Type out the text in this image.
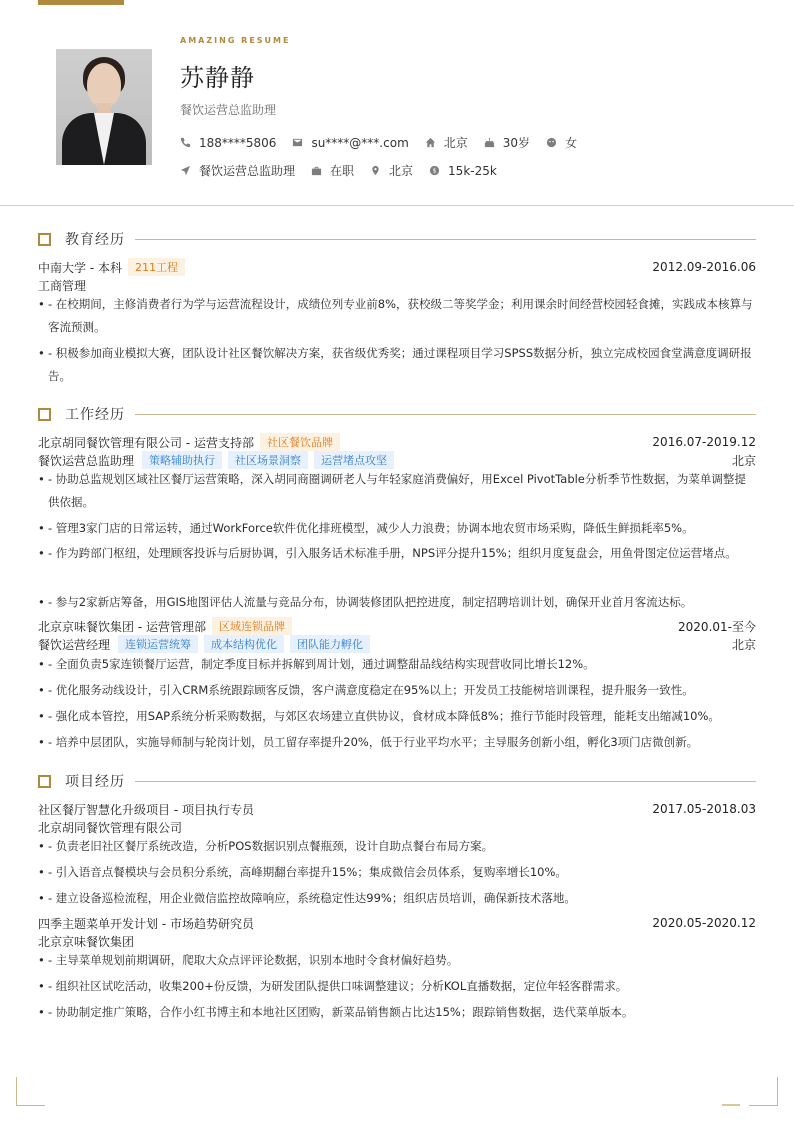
AMAZING RESUME
苏静静
餐饮运营总监助理
188****5806	su****@***.com	北京	30岁	女
餐饮运营总监助理	在职	北京	$ 15k-25k
教育经历
中南大学 - 本科	211工程	2012.09-2016.06
工商管理
• - 在校期间，主修消费者行为学与运营流程设计，成绩位列专业前8%，获校级二等奖学金；利用课余时间经营校园轻食摊，实践成本核算与客流预测。
• - 积极参加商业模拟大赛，团队设计社区餐饮解决方案，获省级优秀奖；通过课程项目学习SPSS数据分析，独立完成校园食堂满意度调研报告。
工作经历
北京胡同餐饮管理有限公司 - 运营支持部	社区餐饮品牌	2016.07-2019.12
餐饮运营总监助理	策略辅助执行	社区场景洞察	运营堵点攻坚	北京
• - 协助总监规划区域社区餐厅运营策略，深入胡同商圈调研老人与年轻家庭消费偏好，用Excel PivotTable分析季节性数据，为菜单调整提供依据。
• - 管理3家门店的日常运转，通过WorkForce软件优化排班模型，减少人力浪费；协调本地农贸市场采购，降低生鲜损耗率5%。
• - 作为跨部门枢纽，处理顾客投诉与后厨协调，引入服务话术标准手册，NPS评分提升15%；组织月度复盘会，用鱼骨图定位运营堵点。
• - 参与2家新店筹备，用GIS地图评估人流量与竞品分布，协调装修团队把控进度，制定招聘培训计划，确保开业首月客流达标。
北京京味餐饮集团 - 运营管理部	区域连锁品牌	2020.01-至今
餐饮运营经理	连锁运营统筹	成本结构优化	团队能力孵化	北京
• - 全面负责5家连锁餐厅运营，制定季度目标并拆解到周计划，通过调整甜品线结构实现营收同比增长12%。
• - 优化服务动线设计，引入CRM系统跟踪顾客反馈，客户满意度稳定在95%以上；开发员工技能树培训课程，提升服务一致性。
• - 强化成本管控，用SAP系统分析采购数据，与郊区农场建立直供协议，食材成本降低8%；推行节能时段管理，能耗支出缩减10%。
• - 培养中层团队，实施导师制与轮岗计划，员工留存率提升20%，低于行业平均水平；主导服务创新小组，孵化3项门店微创新。
项目经历
社区餐厅智慧化升级项目 - 项目执行专员	2017.05-2018.03
北京胡同餐饮管理有限公司
• - 负责老旧社区餐厅系统改造，分析POS数据识别点餐瓶颈，设计自助点餐台布局方案。
• - 引入语音点餐模块与会员积分系统，高峰期翻台率提升15%；集成微信会员体系，复购率增长10%。
• - 建立设备巡检流程，用企业微信监控故障响应，系统稳定性达99%；组织店员培训，确保新技术落地。
四季主题菜单开发计划 - 市场趋势研究员	2020.05-2020.12
北京京味餐饮集团
• - 主导菜单规划前期调研，爬取大众点评评论数据，识别本地时令食材偏好趋势。
• - 组织社区试吃活动，收集200+份反馈，为研发团队提供口味调整建议；分析KOL直播数据，定位年轻客群需求。
• - 协助制定推广策略，合作小红书博主和本地社区团购，新菜品销售额占比达15%；跟踪销售数据，迭代菜单版本。
